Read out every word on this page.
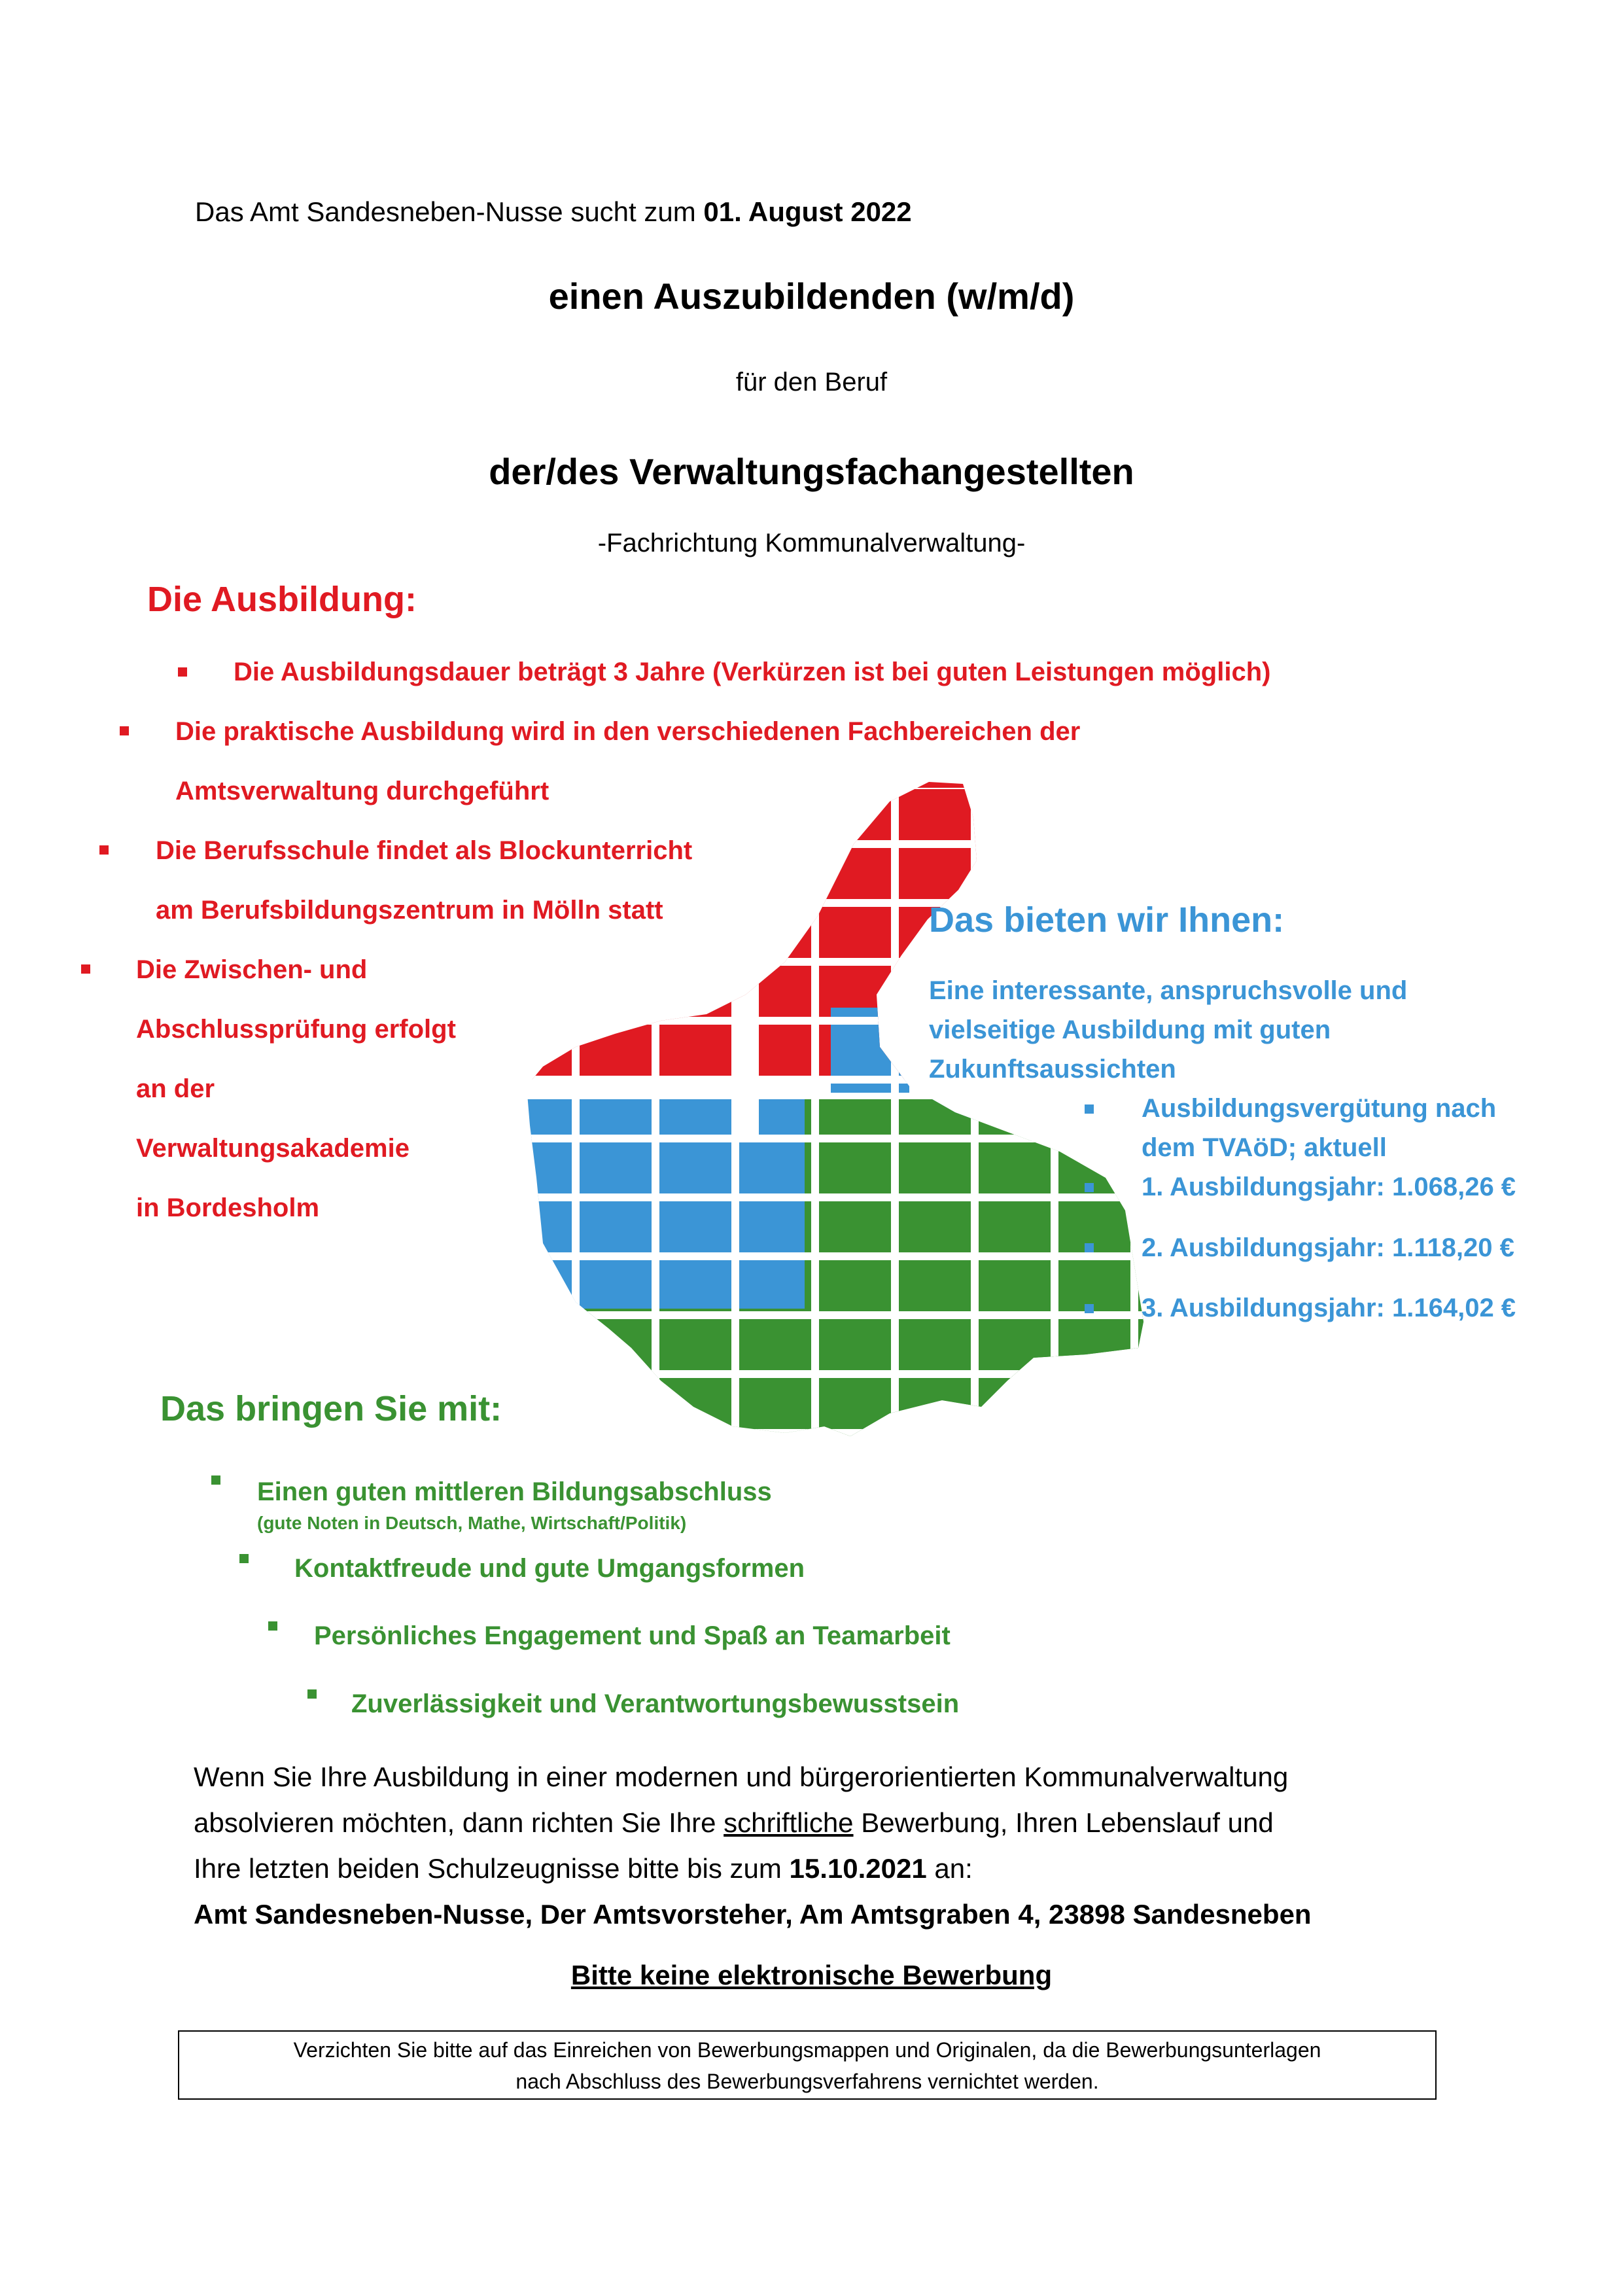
Das Amt Sandesneben-Nusse sucht zum 01. August 2022
einen Auszubildenden (w/m/d)
für den Beruf
der/des Verwaltungsfachangestellten
-Fachrichtung Kommunalverwaltung-
Die Ausbildung:
Die Ausbildungsdauer beträgt 3 Jahre (Verkürzen ist bei guten Leistungen möglich)
Die praktische Ausbildung wird in den verschiedenen Fachbereichen der
Amtsverwaltung durchgeführt
Die Berufsschule findet als Blockunterricht
am Berufsbildungszentrum in Mölln statt
Die Zwischen- und
Abschlussprüfung erfolgt
an der
Verwaltungsakademie
in Bordesholm
Das bieten wir Ihnen:
Eine interessante, anspruchsvolle und
vielseitige Ausbildung mit guten
Zukunftsaussichten
Ausbildungsvergütung nach
dem TVAöD; aktuell
1. Ausbildungsjahr: 1.068,26 €
2. Ausbildungsjahr: 1.118,20 €
3. Ausbildungsjahr: 1.164,02 €
Das bringen Sie mit:
Einen guten mittleren Bildungsabschluss
(gute Noten in Deutsch, Mathe, Wirtschaft/Politik)
Kontaktfreude und gute Umgangsformen
Persönliches Engagement und Spaß an Teamarbeit
Zuverlässigkeit und Verantwortungsbewusstsein
Wenn Sie Ihre Ausbildung in einer modernen und bürgerorientierten Kommunalverwaltung
absolvieren möchten, dann richten Sie Ihre schriftliche Bewerbung, Ihren Lebenslauf und
Ihre letzten beiden Schulzeugnisse bitte bis zum 15.10.2021 an:
Amt Sandesneben-Nusse, Der Amtsvorsteher, Am Amtsgraben 4, 23898 Sandesneben
Bitte keine elektronische Bewerbung
Verzichten Sie bitte auf das Einreichen von Bewerbungsmappen und Originalen, da die Bewerbungsunterlagen
nach Abschluss des Bewerbungsverfahrens vernichtet werden.
